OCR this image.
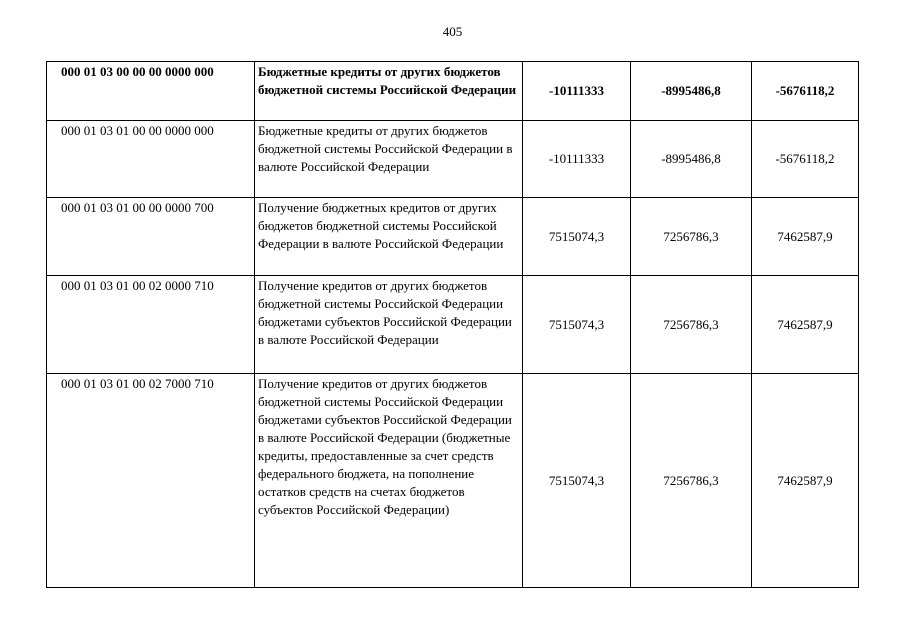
405
000 01 03 00 00 00 0000 000	Бюджетные кредиты от других бюджетов бюджетной системы Российской Федерации	-10111333	-8995486,8	-5676118,2
000 01 03 01 00 00 0000 000	Бюджетные кредиты от других бюджетов бюджетной системы Российской Федерации в валюте Российской Федерации	-10111333	-8995486,8	-5676118,2
000 01 03 01 00 00 0000 700	Получение бюджетных кредитов от других бюджетов бюджетной системы Российской Федерации в валюте Российской Федерации	7515074,3	7256786,3	7462587,9
000 01 03 01 00 02 0000 710	Получение кредитов от других бюджетов бюджетной системы Российской Федерации бюджетами субъектов Российской Федерации в валюте Российской Федерации	7515074,3	7256786,3	7462587,9
000 01 03 01 00 02 7000 710	Получение кредитов от других бюджетов бюджетной системы Российской Федерации бюджетами субъектов Российской Федерации в валюте Российской Федерации (бюджетные кредиты, предоставленные за счет средств федерального бюджета, на пополнение остатков средств на счетах бюджетов субъектов Российской Федерации)	7515074,3	7256786,3	7462587,9
